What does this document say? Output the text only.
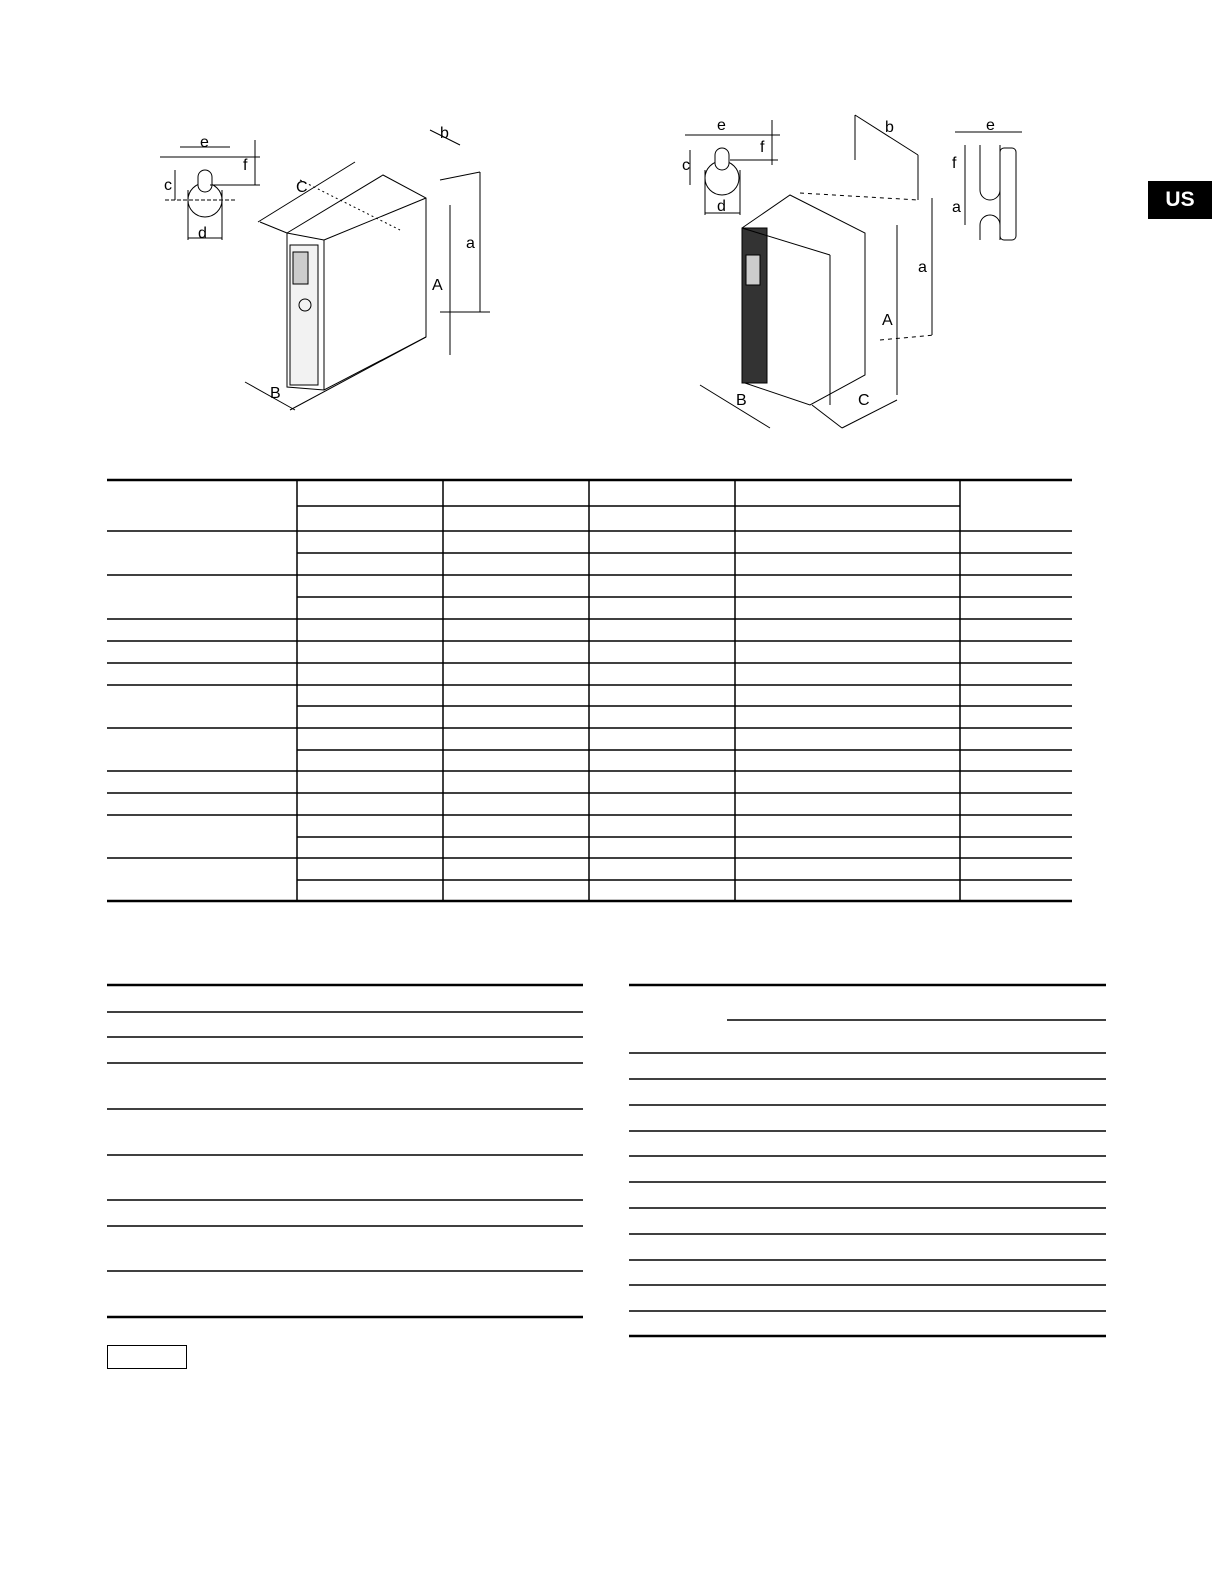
US
e
f
c
d
b
C
a
A
B
e
f
c
d
b
a
A
B	C
e
f
a
